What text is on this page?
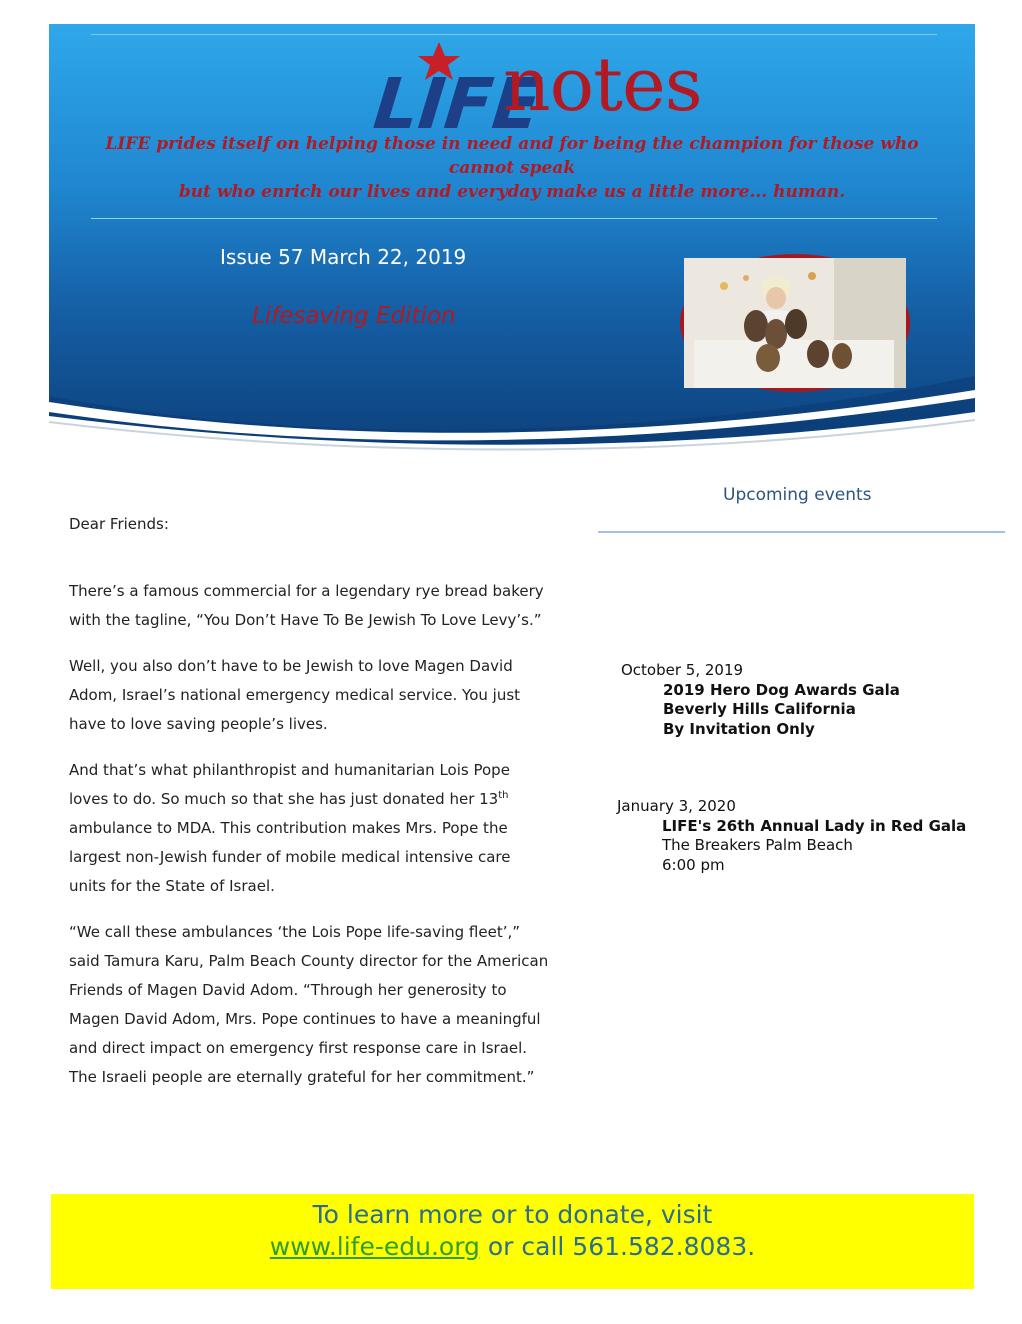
LIFE
notes
LIFE prides itself on helping those in need and for being the champion for those who cannot speak
but who enrich our lives and everyday make us a little more... human.
Issue 57 March 22, 2019
Lifesaving Edition

Dear Friends:

There’s a famous commercial for a legendary rye bread bakery with the tagline, “You Don’t Have To Be Jewish To Love Levy’s.”

Well, you also don’t have to be Jewish to love Magen David Adom, Israel’s national emergency medical service. You just have to love saving people’s lives.

And that’s what philanthropist and humanitarian Lois Pope loves to do. So much so that she has just donated her 13th ambulance to MDA. This contribution makes Mrs. Pope the largest non-Jewish funder of mobile medical intensive care units for the State of Israel.

“We call these ambulances ‘the Lois Pope life-saving fleet’,” said Tamura Karu, Palm Beach County director for the American Friends of Magen David Adom. “Through her generosity to Magen David Adom, Mrs. Pope continues to have a meaningful and direct impact on emergency first response care in Israel. The Israeli people are eternally grateful for her commitment.”

Upcoming events
October 5, 2019
2019 Hero Dog Awards Gala
Beverly Hills California
By Invitation Only
January 3, 2020
LIFE's 26th Annual Lady in Red Gala
The Breakers Palm Beach
6:00 pm
To learn more or to donate, visit
www.life-edu.org or call 561.582.8083.
